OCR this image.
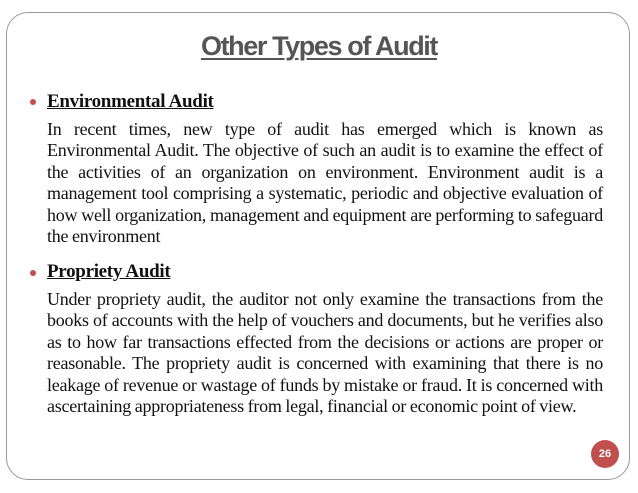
Other Types of Audit
Environmental Audit

In recent times, new type of audit has emerged which is known as Environmental Audit. The objective of such an audit is to examine the effect of the activities of an organization on environment. Environment audit is a management tool comprising a systematic, periodic and objective evaluation of how well organization, management and equipment are performing to safeguard the environment

Propriety Audit

Under propriety audit, the auditor not only examine the transactions from the books of accounts with the help of vouchers and documents, but he verifies also as to how far transactions effected from the decisions or actions are proper or reasonable. The propriety audit is concerned with examining that there is no leakage of revenue or wastage of funds by mistake or fraud. It is concerned with ascertaining appropriateness from legal, financial or economic point of view.

26
